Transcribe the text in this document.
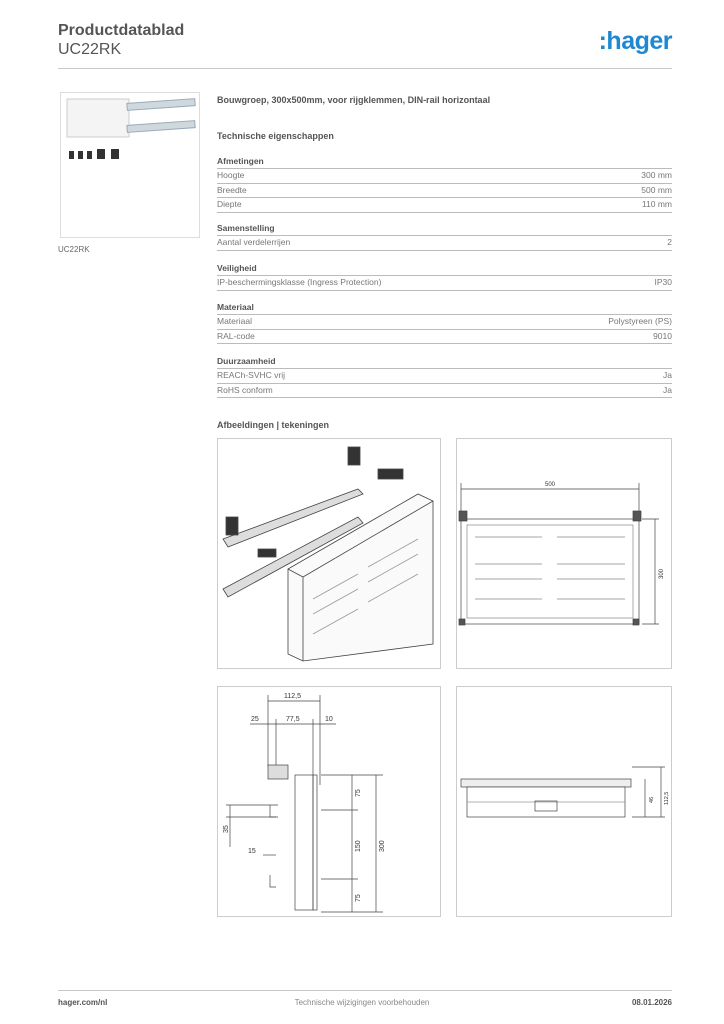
Productdatablad
UC22RK	:hager
UC22RK
Bouwgroep, 300x500mm, voor rijgklemmen, DIN-rail horizontaal
Technische eigenschappen
Afmetingen
Hoogte	300 mm
Breedte	500 mm
Diepte	110 mm
Samenstelling
Aantal verdelerrijen	2
Veiligheid
IP-beschermingsklasse (Ingress Protection)	IP30
Materiaal
Materiaal	Polystyreen (PS)
RAL-code	9010
Duurzaamheid
REACh-SVHC vrij	Ja
RoHS conform	Ja
Afbeeldingen | tekeningen
500
300
112,5
25	77,5	10
15
35
75
150
75
300
46 112,5
hager.com/nl	Technische wijzigingen voorbehouden	08.01.2026
